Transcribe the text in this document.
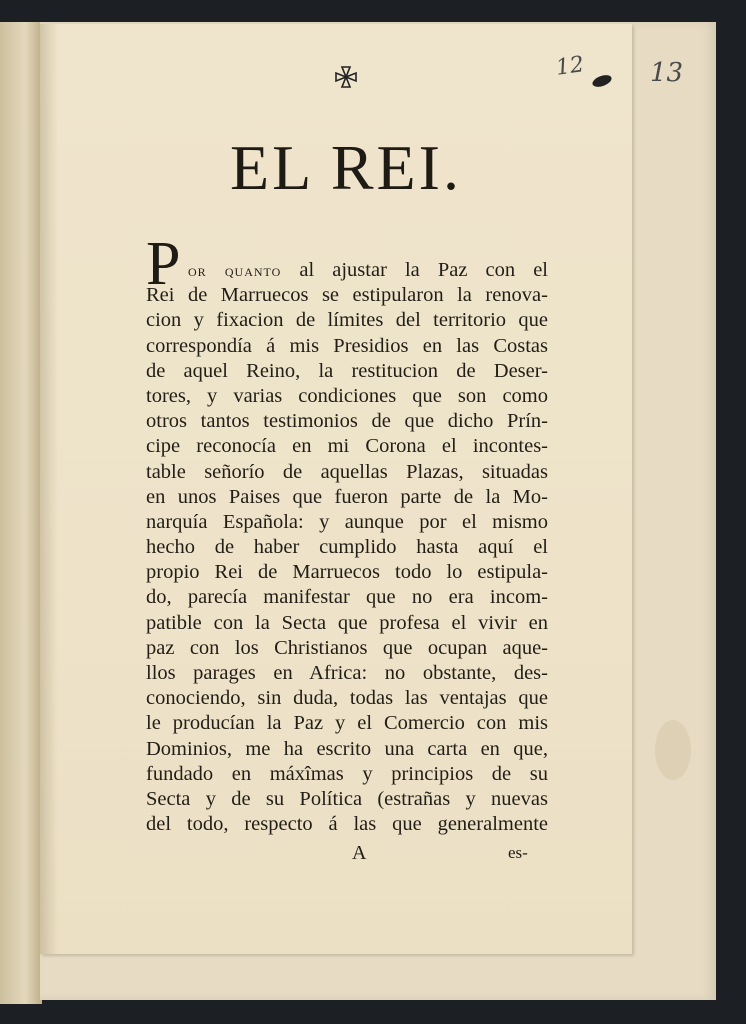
12 13
EL REI.
P or quanto al ajustar la Paz con el
Rei de Marruecos se estipularon la renova-
cion y fixacion de límites del territorio que
correspondía á mis Presidios en las Costas
de aquel Reino, la restitucion de Deser-
tores, y varias condiciones que son como
otros tantos testimonios de que dicho Prín-
cipe reconocía en mi Corona el incontes-
table señorío de aquellas Plazas, situadas
en unos Paises que fueron parte de la Mo-
narquía Española: y aunque por el mismo
hecho de haber cumplido hasta aquí el
propio Rei de Marruecos todo lo estipula-
do, parecía manifestar que no era incom-
patible con la Secta que profesa el vivir en
paz con los Christianos que ocupan aque-
llos parages en Africa: no obstante, des-
conociendo, sin duda, todas las ventajas que
le producían la Paz y el Comercio con mis
Dominios, me ha escrito una carta en que,
fundado en máxîmas y principios de su
Secta y de su Política (estrañas y nuevas
del todo, respecto á las que generalmente
A	es-
